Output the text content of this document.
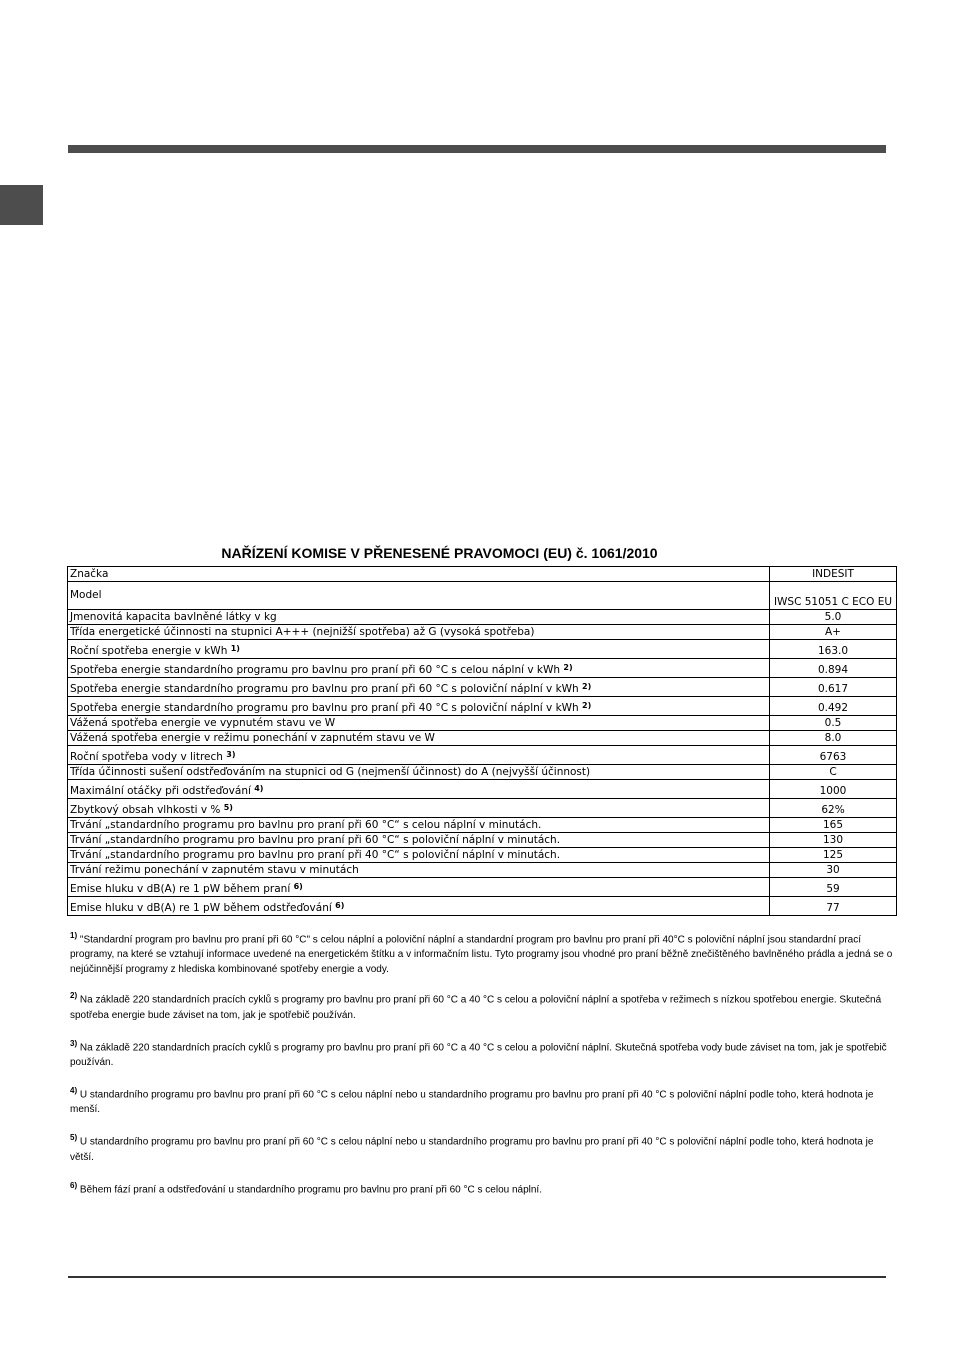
NAŘÍZENÍ KOMISE V PŘENESENÉ PRAVOMOCI (EU) č. 1061/2010
Značka	INDESIT
Model	IWSC 51051 C ECO EU
Jmenovitá kapacita bavlněné látky v kg	5.0
Třída energetické účinnosti na stupnici A+++ (nejnižší spotřeba) až G (vysoká spotřeba)	A+
Roční spotřeba energie v kWh $^{1)}$	163.0
Spotřeba energie standardního programu pro bavlnu pro praní při 60 °C s celou náplní v kWh $^{2)}$	0.894
Spotřeba energie standardního programu pro bavlnu pro praní při 60 °C s poloviční náplní v kWh $^{2)}$	0.617
Spotřeba energie standardního programu pro bavlnu pro praní při 40 °C s poloviční náplní v kWh $^{2)}$	0.492
Vážená spotřeba energie ve vypnutém stavu ve W	0.5
Vážená spotřeba energie v režimu ponechání v zapnutém stavu ve W	8.0
Roční spotřeba vody v litrech $^{3)}$	6763
Třída účinnosti sušení odstřeďováním na stupnici od G (nejmenší účinnost) do A (nejvyšší účinnost)	C
Maximální otáčky při odstřeďování $^{4)}$	1000
Zbytkový obsah vlhkosti v % $^{5)}$	62%
Trvání „standardního programu pro bavlnu pro praní při 60 °C“ s celou náplní v minutách.	165
Trvání „standardního programu pro bavlnu pro praní při 60 °C“ s poloviční náplní v minutách.	130
Trvání „standardního programu pro bavlnu pro praní při 40 °C“ s poloviční náplní v minutách.	125
Trvání režimu ponechání v zapnutém stavu v minutách	30
Emise hluku v dB(A) re 1 pW během praní $^{6)}$	59
Emise hluku v dB(A) re 1 pW během odstřeďování $^{6)}$	77

$^{1)}$ "Standardní program pro bavlnu pro praní při 60 °C" s celou náplní a poloviční náplní a standardní program pro bavlnu pro praní při 40°C s poloviční náplní jsou standardní prací programy, na které se vztahují informace uvedené na energetickém štítku a v informačním listu. Tyto programy jsou vhodné pro praní běžně znečištěného bavlněného prádla a jedná se o nejúčinnější programy z hlediska kombinované spotřeby energie a vody.

$^{2)}$ Na základě 220 standardních pracích cyklů s programy pro bavlnu pro praní při 60 °C a 40 °C s celou a poloviční náplní a spotřeba v režimech s nízkou spotřebou energie. Skutečná spotřeba energie bude záviset na tom, jak je spotřebič používán.

$^{3)}$ Na základě 220 standardních pracích cyklů s programy pro bavlnu pro praní při 60 °C a 40 °C s celou a poloviční náplní. Skutečná spotřeba vody bude záviset na tom, jak je spotřebič používán.

$^{4)}$ U standardního programu pro bavlnu pro praní při 60 °C s celou náplní nebo u standardního programu pro bavlnu pro praní při 40 °C s poloviční náplní podle toho, která hodnota je menší.

$^{5)}$ U standardního programu pro bavlnu pro praní při 60 °C s celou náplní nebo u standardního programu pro bavlnu pro praní při 40 °C s poloviční náplní podle toho, která hodnota je větší.

$^{6)}$ Během fází praní a odstřeďování u standardního programu pro bavlnu pro praní při 60 °C s celou náplní.
